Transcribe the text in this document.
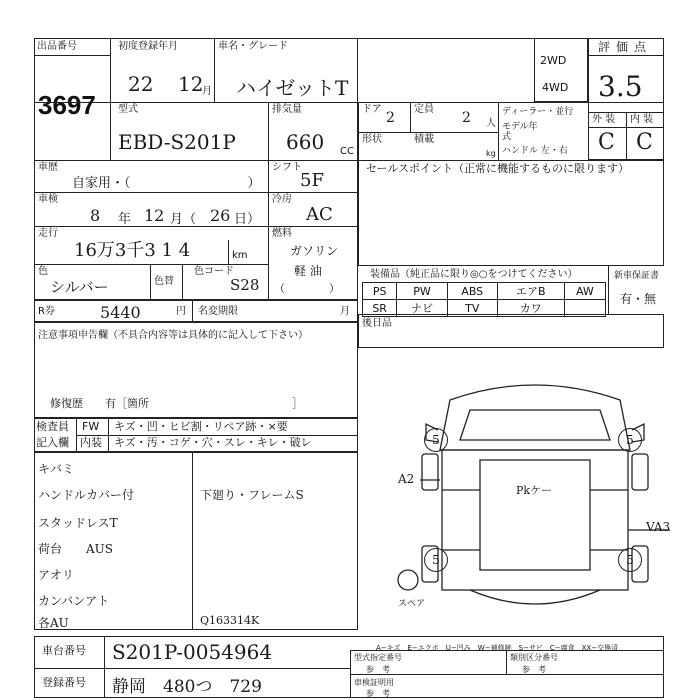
出品番号
3697
初度登録年月
22 12
月
車名・グレード
ハイゼットT
2WD
4WD
評価点
3.5
型式
EBD-S201P
排気量
660 CC
ドア
2
定員
2 人
ディーラー・並行
モデル年式
ハンドル 左・右
形状	積載
kg
外 装 内 装
C C
車歴
自家用・（　　　　　　　　　）
シフト
5F
車検
8 年 12 月（ 26 日）
冷房
AC
走行
16万3千3 1 4	km
燃料
ガソリン
軽 油
（　　　　）
色
シルバー	色替
色コード
S28
R券	5440	円 名変期限	月
注意事項申告欄（不具合内容等は具体的に記入して下さい）
修復歴　　有［箇所　　　　　　　　　　　　　］
セールスポイント（正常に機能するものに限ります）
装備品（純正品に限り◎○をつけてください）
PS	PW	ABS	エアB	AW
SR	ナビ	TV	カワ	
新車保証書
有・無
後日品
検査員
記入欄
FW
内装
キズ・凹・ヒビ割・リペア跡・×要
キズ・汚・コゲ・穴・スレ・キレ・破レ
キバミ
ハンドルカバー付
スタッドレスT
荷台　　AUS
アオリ
カンバンアト
各AU
下廻り・フレームS
Q163314K
5	5
5	5
A2
Pkケー
VA3
スペア
A−キズ　E−エクボ　U−凹み　W−補修跡　S−サビ　C−腐食　XX−交換済
車台番号 S201P-0054964
登録番号 静岡　480つ　729
型式指定番号
参　考
類別区分番号
参　考
車検証明用
参　考
